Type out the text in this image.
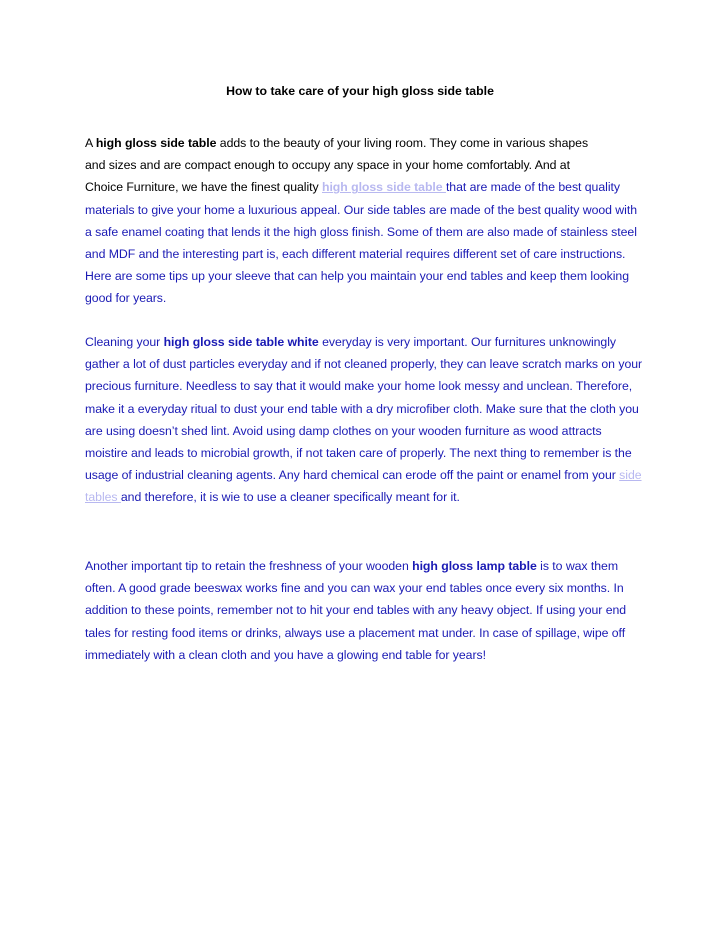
How to take care of your high gloss side table

A high gloss side table adds to the beauty of your living room. They come in various shapes
and sizes and are compact enough to occupy any space in your home comfortably. And at
Choice Furniture, we have the finest quality high gloss side table that are made of the best quality materials to give your home a luxurious appeal. Our side tables are made of the best quality wood with a safe enamel coating that lends it the high gloss finish. Some of them are also made of stainless steel and MDF and the interesting part is, each different material requires different set of care instructions. Here are some tips up your sleeve that can help you maintain your end tables and keep them looking good for years.

Cleaning your high gloss side table white everyday is very important. Our furnitures unknowingly gather a lot of dust particles everyday and if not cleaned properly, they can leave scratch marks on your precious furniture. Needless to say that it would make your home look messy and unclean. Therefore, make it a everyday ritual to dust your end table with a dry microfiber cloth. Make sure that the cloth you are using doesn’t shed lint. Avoid using damp clothes on your wooden furniture as wood attracts moistire and leads to microbial growth, if not taken care of properly. The next thing to remember is the usage of industrial cleaning agents. Any hard chemical can erode off the paint or enamel from your side tables and therefore, it is wie to use a cleaner specifically meant for it.

Another important tip to retain the freshness of your wooden high gloss lamp table is to wax them often. A good grade beeswax works fine and you can wax your end tables once every six months. In addition to these points, remember not to hit your end tables with any heavy object. If using your end tales for resting food items or drinks, always use a placement mat under. In case of spillage, wipe off immediately with a clean cloth and you have a glowing end table for years!
